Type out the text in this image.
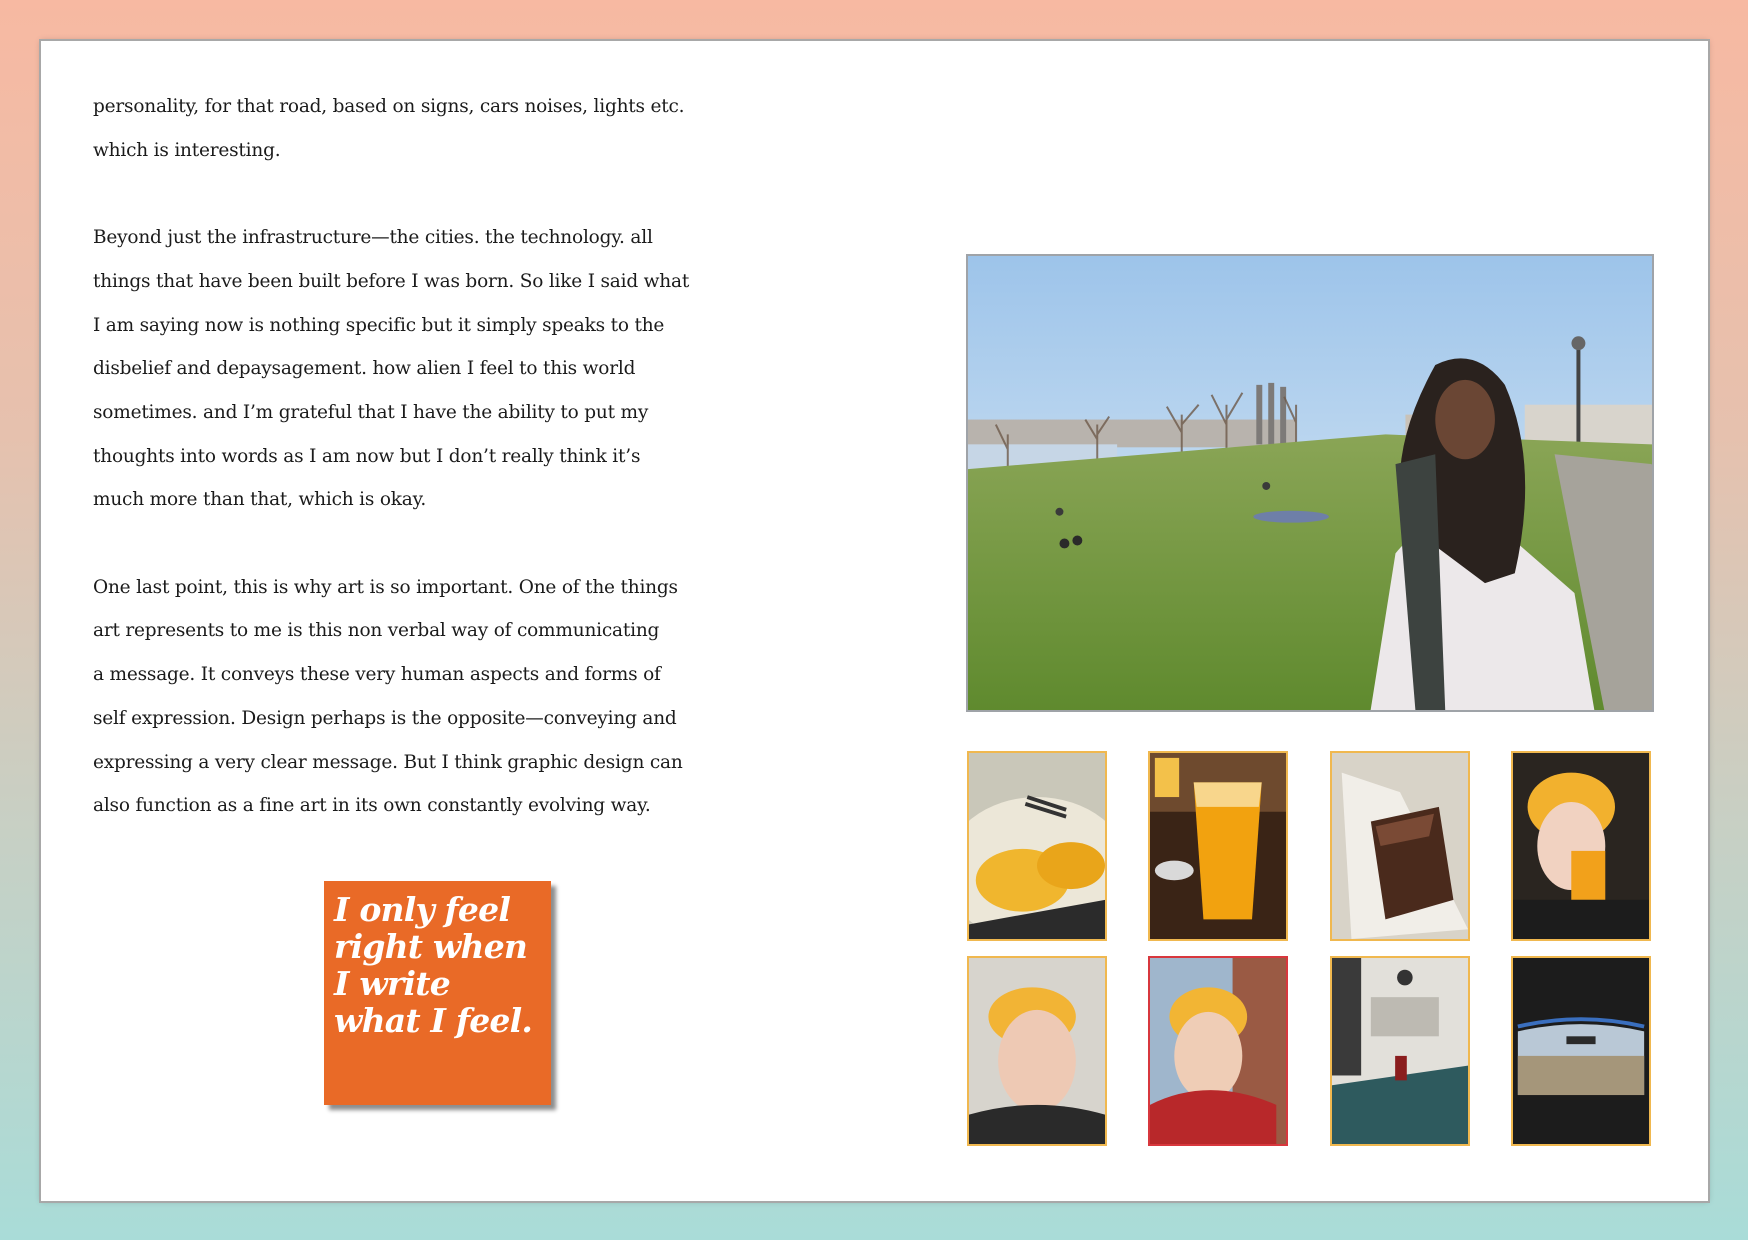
personality, for that road, based on signs, cars noises, lights etc.
which is interesting.

Beyond just the infrastructure—the cities. the technology. all
things that have been built before I was born. So like I said what
I am saying now is nothing specific but it simply speaks to the
disbelief and depaysagement. how alien I feel to this world
sometimes. and I’m grateful that I have the ability to put my
thoughts into words as I am now but I don’t really think it’s
much more than that, which is okay.

One last point, this is why art is so important. One of the things
art represents to me is this non verbal way of communicating
a message. It conveys these very human aspects and forms of
self expression. Design perhaps is the opposite—conveying and
expressing a very clear message. But I think graphic design can
also function as a fine art in its own constantly evolving way.

I only feel
right when
I write
what I feel.
